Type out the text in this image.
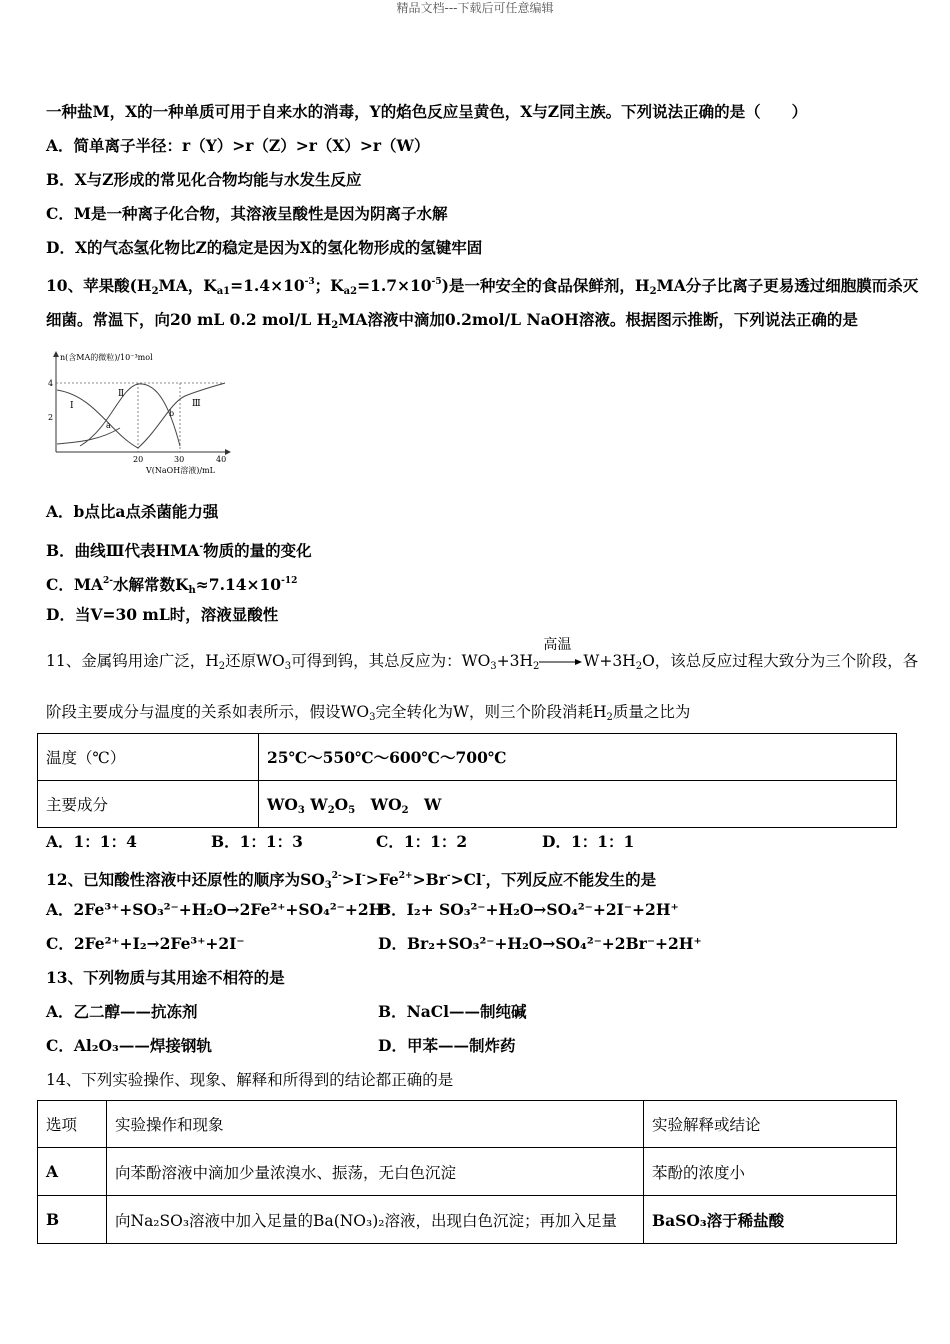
精品文档---下载后可任意编辑
一种盐M，X的一种单质可用于自来水的消毒，Y的焰色反应呈黄色，X与Z同主族。下列说法正确的是（　　）
A．简单离子半径：r（Y）>r（Z）>r（X）>r（W）
B．X与Z形成的常见化合物均能与水发生反应
C．M是一种离子化合物，其溶液呈酸性是因为阴离子水解
D．X的气态氢化物比Z的稳定是因为X的氢化物形成的氢键牢固
10、苹果酸($H_2MA$，$K_{a1}=1.4\times 10^{-3}$；$K_{a2}=1.7\times 10^{-5}$)是一种安全的食品保鲜剂，$H_2MA$分子比离子更易透过细胞膜而杀灭
细菌。常温下，向20 mL 0.2 mol/L $H_2MA$溶液中滴加0.2mol/L NaOH溶液。根据图示推断，下列说法正确的是
n(含MA的微粒)/10⁻³mol
4
2
Ⅰ
Ⅱ
Ⅲ
a
b
20	30	40
V(NaOH溶液)/mL
A．b点比a点杀菌能力强
B．曲线Ⅲ代表HMA-物质的量的变化
C．$MA^{2-}$水解常数$K_h\approx 7.14\times 10^{-12}$
D．当V=30 mL时，溶液显酸性
11、金属钨用途广泛，$H_2$还原$WO_3$可得到钨，其总反应为：$WO_3+3H_2$
高温
$W+3H_2O$，该总反应过程大致分为三个阶段，各
阶段主要成分与温度的关系如表所示，假设$WO_3$完全转化为W，则三个阶段消耗$H_2$质量之比为
温度（℃）	25℃～550℃～600℃～700℃
主要成分	$WO_3$ $W_2O_5$　$WO_2$　W
A．1：1：4	B．1：1：3	C．1：1：2	D．1：1：1
12、已知酸性溶液中还原性的顺序为$SO_3^{2-}>I^->Fe^{2+}>Br^->Cl^-$，下列反应不能发生的是
A．2Fe³⁺+SO₃²⁻+H₂O→2Fe²⁺+SO₄²⁻+2H⁺
B．I₂+ SO₃²⁻+H₂O→SO₄²⁻+2I⁻+2H⁺
C．2Fe²⁺+I₂→2Fe³⁺+2I⁻	D．Br₂+SO₃²⁻+H₂O→SO₄²⁻+2Br⁻+2H⁺
13、下列物质与其用途不相符的是
A．乙二醇——抗冻剂	B．NaCl——制纯碱
C．Al₂O₃——焊接钢轨	D．甲苯——制炸药
14、下列实验操作、现象、解释和所得到的结论都正确的是
选项	实验操作和现象	实验解释或结论
A	向苯酚溶液中滴加少量浓溴水、振荡，无白色沉淀	苯酚的浓度小
B	向Na₂SO₃溶液中加入足量的Ba(NO₃)₂溶液，出现白色沉淀；再加入足量	BaSO₃溶于稀盐酸
